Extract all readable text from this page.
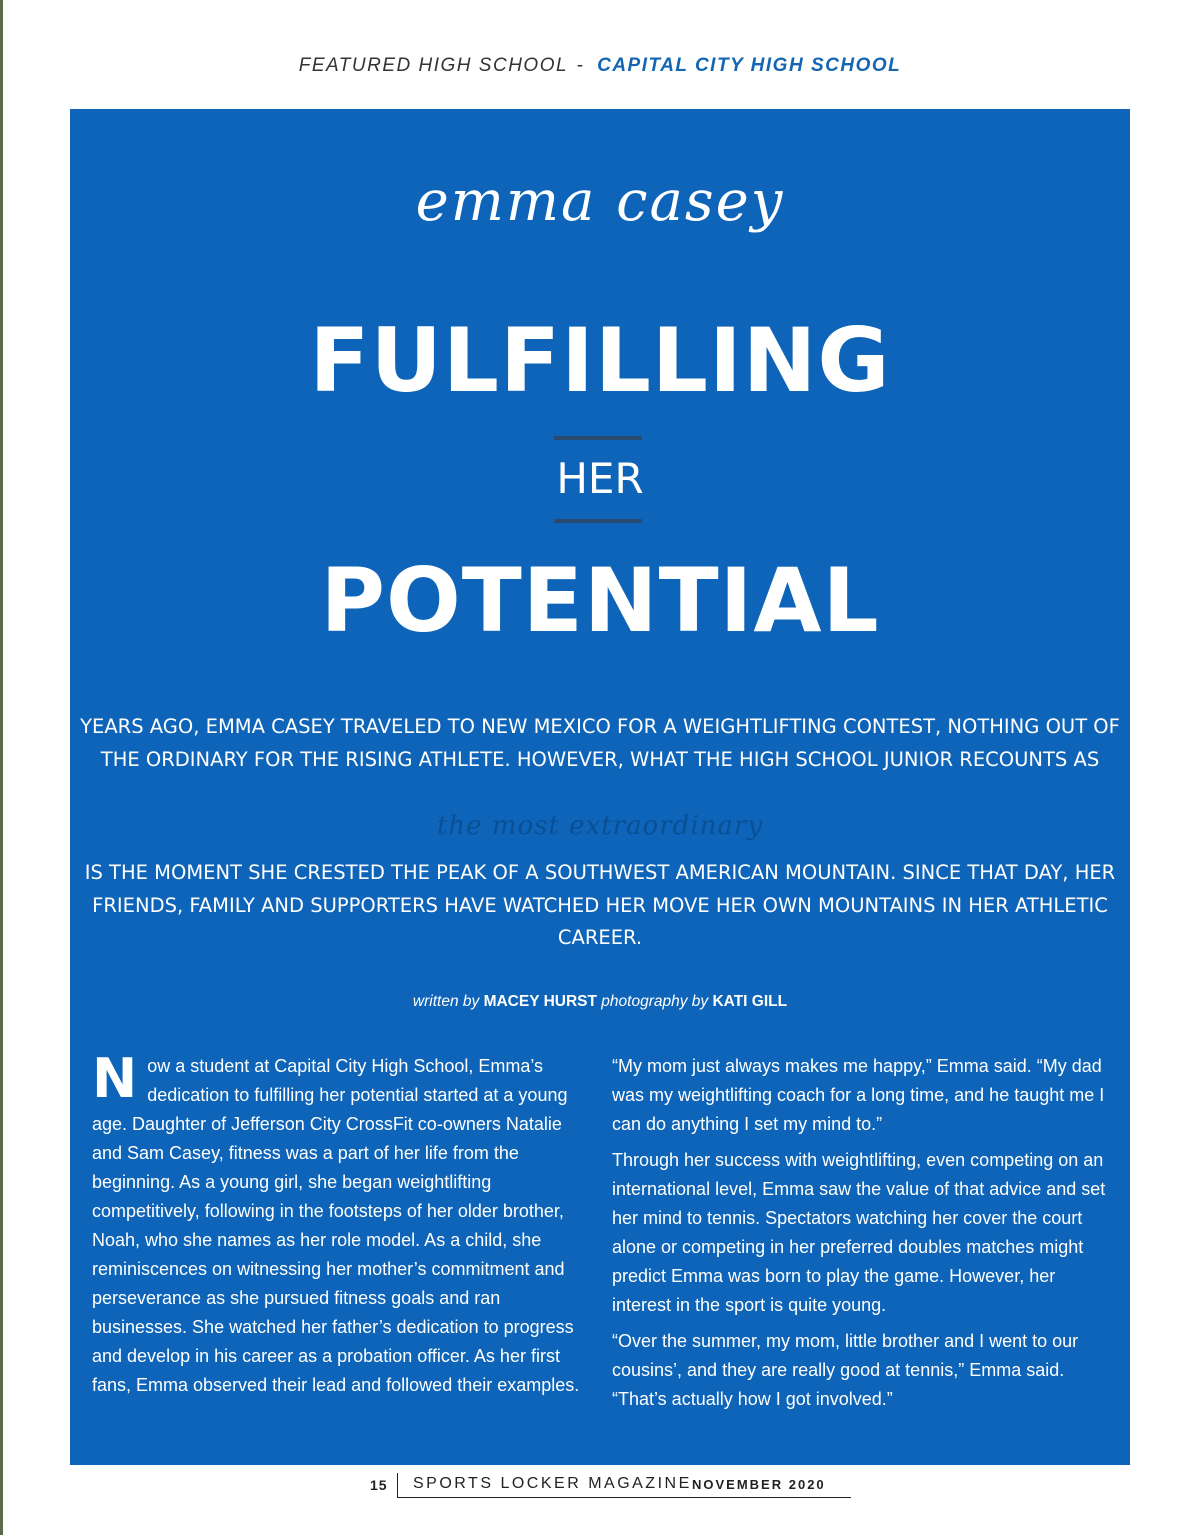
FEATURED HIGH SCHOOL - CAPITAL CITY HIGH SCHOOL
emma casey
FULFILLING
HER
POTENTIAL
YEARS AGO, EMMA CASEY TRAVELED TO NEW MEXICO FOR A WEIGHTLIFTING CONTEST, NOTHING OUT OF THE ORDINARY FOR THE RISING ATHLETE. HOWEVER, WHAT THE HIGH SCHOOL JUNIOR RECOUNTS AS
the most extraordinary
IS THE MOMENT SHE CRESTED THE PEAK OF A SOUTHWEST AMERICAN MOUNTAIN. SINCE THAT DAY, HER FRIENDS, FAMILY AND SUPPORTERS HAVE WATCHED HER MOVE HER OWN MOUNTAINS IN HER ATHLETIC CAREER.
written by MACEY HURST photography by KATI GILL

N ow a student at Capital City High School, Emma’s dedication to fulfilling her potential started at a young age. Daughter of Jefferson City CrossFit co-owners Natalie and Sam Casey, fitness was a part of her life from the beginning. As a young girl, she began weightlifting competitively, following in the footsteps of her older brother, Noah, who she names as her role model. As a child, she reminiscences on witnessing her mother’s commitment and perseverance as she pursued fitness goals and ran businesses. She watched her father’s dedication to progress and develop in his career as a probation officer. As her first fans, Emma observed their lead and followed their examples.

“My mom just always makes me happy,” Emma said. “My dad was my weightlifting coach for a long time, and he taught me I can do anything I set my mind to.”

Through her success with weightlifting, even competing on an international level, Emma saw the value of that advice and set her mind to tennis. Spectators watching her cover the court alone or competing in her preferred doubles matches might predict Emma was born to play the game. However, her interest in the sport is quite young.

“Over the summer, my mom, little brother and I went to our cousins’, and they are really good at tennis,” Emma said. “That’s actually how I got involved.”

15 SPORTS LOCKER MAGAZINE NOVEMBER 2020
